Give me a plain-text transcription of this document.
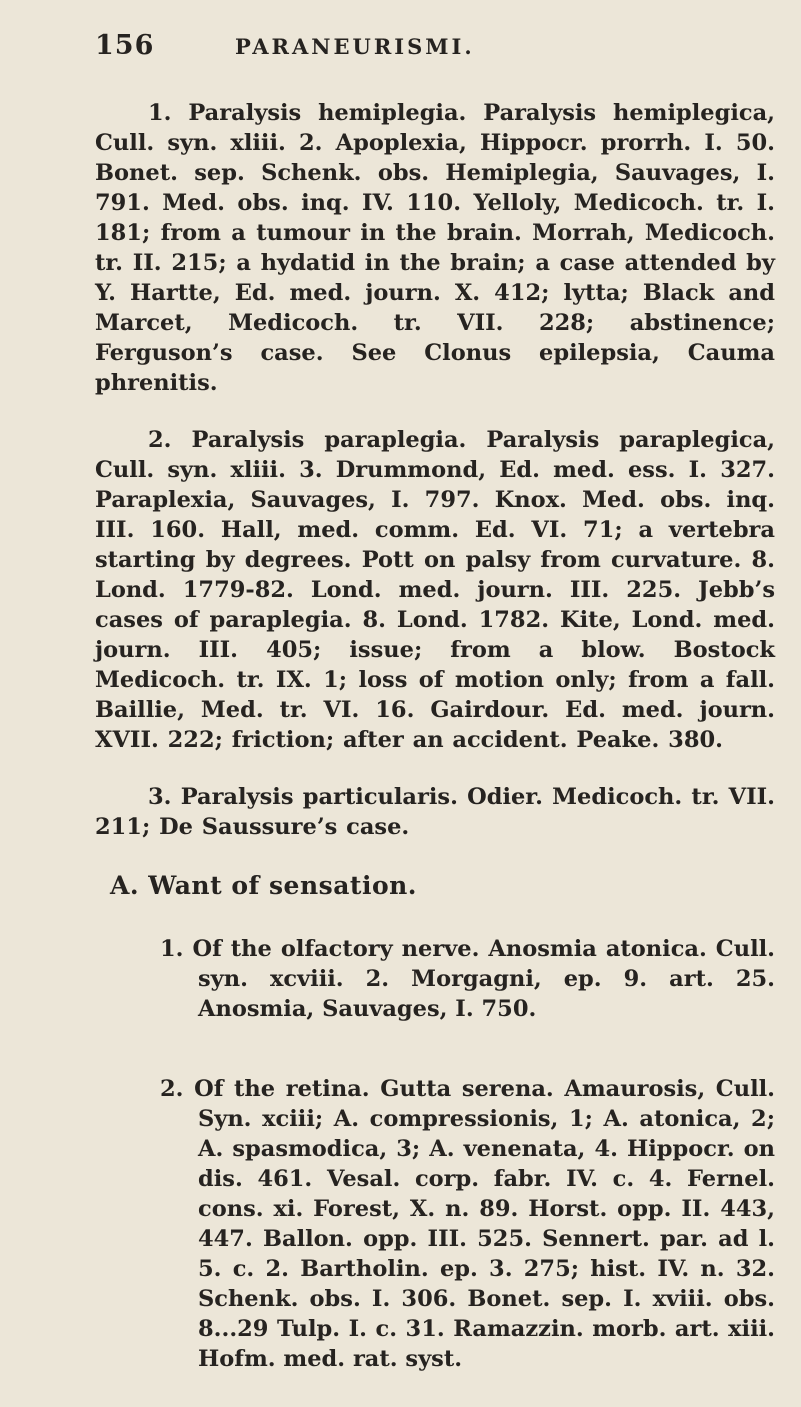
156	PARANEURISMI.

1. Paralysis hemiplegia. Paralysis hemiplegica, Cull. syn. xliii. 2. Apoplexia, Hippocr. prorrh. I. 50. Bonet. sep. Schenk. obs. Hemiplegia, Sauvages, I. 791. Med. obs. inq. IV. 110. Yelloly, Medicoch. tr. I. 181; from a tumour in the brain. Morrah, Medicoch. tr. II. 215; a hydatid in the brain; a case attended by Y. Hartte, Ed. med. journ. X. 412; lytta; Black and Marcet, Medicoch. tr. VII. 228; abstinence; Ferguson’s case. See Clonus epilepsia, Cauma phrenitis.

2. Paralysis paraplegia. Paralysis paraplegica, Cull. syn. xliii. 3. Drummond, Ed. med. ess. I. 327. Paraplexia, Sauvages, I. 797. Knox. Med. obs. inq. III. 160. Hall, med. comm. Ed. VI. 71; a vertebra starting by degrees. Pott on palsy from curvature. 8. Lond. 1779-82. Lond. med. journ. III. 225. Jebb’s cases of paraplegia. 8. Lond. 1782. Kite, Lond. med. journ. III. 405; issue; from a blow. Bostock Medicoch. tr. IX. 1; loss of motion only; from a fall. Baillie, Med. tr. VI. 16. Gairdour. Ed. med. journ. XVII. 222; friction; after an accident. Peake. 380.

3. Paralysis particularis. Odier. Medicoch. tr. VII. 211; De Saussure’s case.

A. Want of sensation.

1. Of the olfactory nerve. Anosmia atonica. Cull. syn. xcviii. 2. Morgagni, ep. 9. art. 25. Anosmia, Sauvages, I. 750.

2. Of the retina. Gutta serena. Amaurosis, Cull. Syn. xciii; A. compressionis, 1; A. atonica, 2; A. spasmodica, 3; A. venenata, 4. Hippocr. on dis. 461. Vesal. corp. fabr. IV. c. 4. Fernel. cons. xi. Forest, X. n. 89. Horst. opp. II. 443, 447. Ballon. opp. III. 525. Sennert. par. ad l. 5. c. 2. Bartholin. ep. 3. 275; hist. IV. n. 32. Schenk. obs. I. 306. Bonet. sep. I. xviii. obs. 8...29 Tulp. I. c. 31. Ramazzin. morb. art. xiii. Hofm. med. rat. syst.
